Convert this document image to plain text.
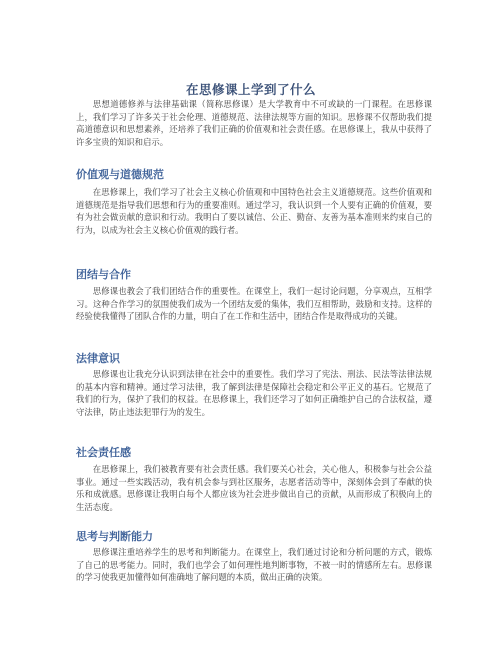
在思修课上学到了什么

思想道德修养与法律基础课（简称思修课）是大学教育中不可或缺的一门课程。在思修课上，我们学习了许多关于社会伦理、道德规范、法律法规等方面的知识。思修课不仅帮助我们提高道德意识和思想素养，还培养了我们正确的价值观和社会责任感。在思修课上，我从中获得了许多宝贵的知识和启示。

价值观与道德规范

在思修课上，我们学习了社会主义核心价值观和中国特色社会主义道德规范。这些价值观和道德规范是指导我们思想和行为的重要准则。通过学习，我认识到一个人要有正确的价值观，要有为社会做贡献的意识和行动。我明白了要以诚信、公正、勤奋、友善为基本准则来约束自己的行为，以成为社会主义核心价值观的践行者。

团结与合作

思修课也教会了我们团结合作的重要性。在课堂上，我们一起讨论问题，分享观点，互相学习。这种合作学习的氛围使我们成为一个团结友爱的集体，我们互相帮助，鼓励和支持。这样的经验使我懂得了团队合作的力量，明白了在工作和生活中，团结合作是取得成功的关键。

法律意识

思修课也让我充分认识到法律在社会中的重要性。我们学习了宪法、刑法、民法等法律法规的基本内容和精神。通过学习法律，我了解到法律是保障社会稳定和公平正义的基石。它规范了我们的行为，保护了我们的权益。在思修课上，我们还学习了如何正确维护自己的合法权益，遵守法律，防止违法犯罪行为的发生。

社会责任感

在思修课上，我们被教育要有社会责任感。我们要关心社会，关心他人，积极参与社会公益事业。通过一些实践活动，我有机会参与到社区服务，志愿者活动等中，深刻体会到了奉献的快乐和成就感。思修课让我明白每个人都应该为社会进步做出自己的贡献，从而形成了积极向上的生活态度。

思考与判断能力

思修课注重培养学生的思考和判断能力。在课堂上，我们通过讨论和分析问题的方式，锻炼了自己的思考能力。同时，我们也学会了如何理性地判断事物，不被一时的情感所左右。思修课的学习使我更加懂得如何准确地了解问题的本质，做出正确的决策。
